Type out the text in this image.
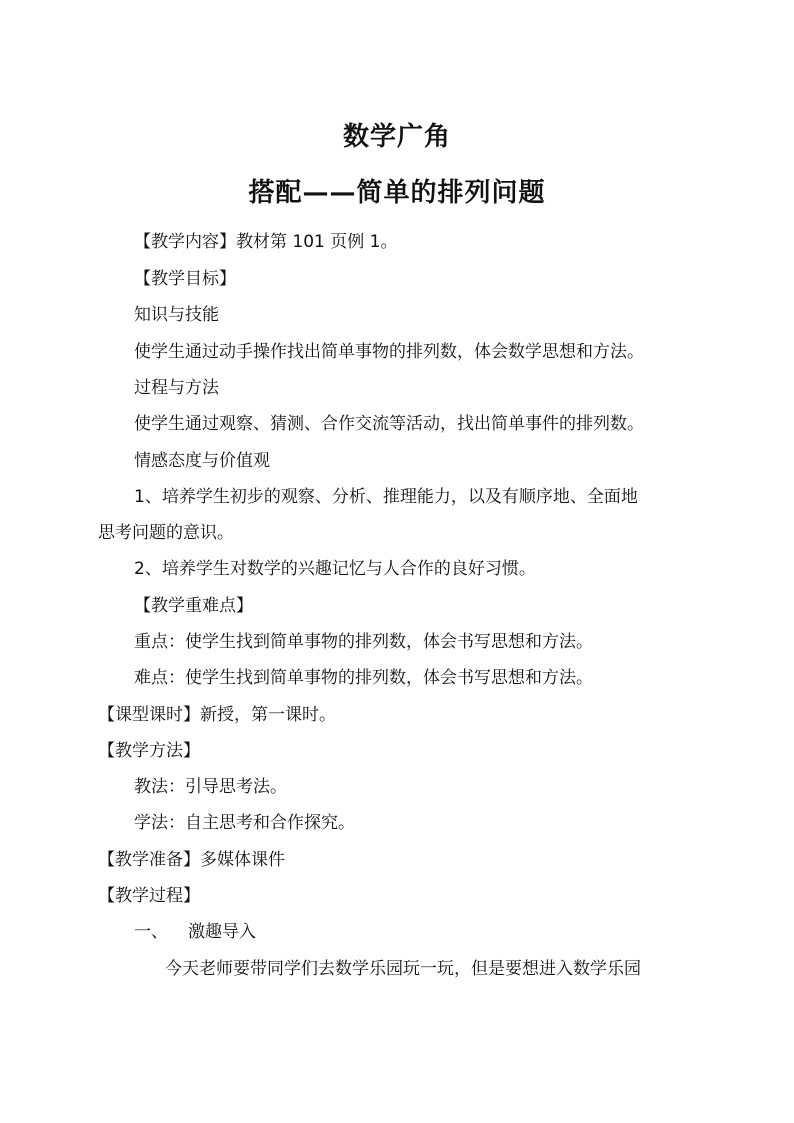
数学广角
搭配——简单的排列问题
【教学内容】教材第 101 页例 1。
【教学目标】
知识与技能
使学生通过动手操作找出简单事物的排列数，体会数学思想和方法。
过程与方法
使学生通过观察、猜测、合作交流等活动，找出简单事件的排列数。
情感态度与价值观
1、培养学生初步的观察、分析、推理能力，以及有顺序地、全面地
思考问题的意识。
2、培养学生对数学的兴趣记忆与人合作的良好习惯。
【教学重难点】
重点：使学生找到简单事物的排列数，体会书写思想和方法。
难点：使学生找到简单事物的排列数，体会书写思想和方法。
【课型课时】新授，第一课时。
【教学方法】
教法：引导思考法。
学法：自主思考和合作探究。
【教学准备】多媒体课件
【教学过程】
一、 激趣导入
今天老师要带同学们去数学乐园玩一玩，但是要想进入数学乐园
